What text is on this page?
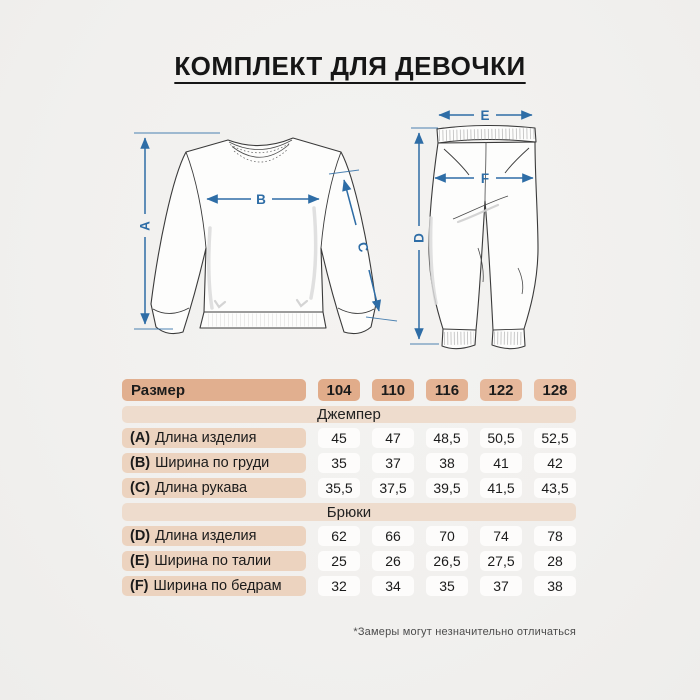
КОМПЛЕКТ ДЛЯ ДЕВОЧКИ
A
B
C
E
F
D
Размер	104	110	116	122	128
Джемпер
(A) Длина изделия	45	47	48,5	50,5	52,5
(B) Ширина по груди	35	37	38	41	42
(C) Длина рукава	35,5	37,5	39,5	41,5	43,5
Брюки
(D) Длина изделия	62	66	70	74	78
(E) Ширина по талии	25	26	26,5	27,5	28
(F) Ширина по бедрам	32	34	35	37	38
*Замеры могут незначительно отличаться
